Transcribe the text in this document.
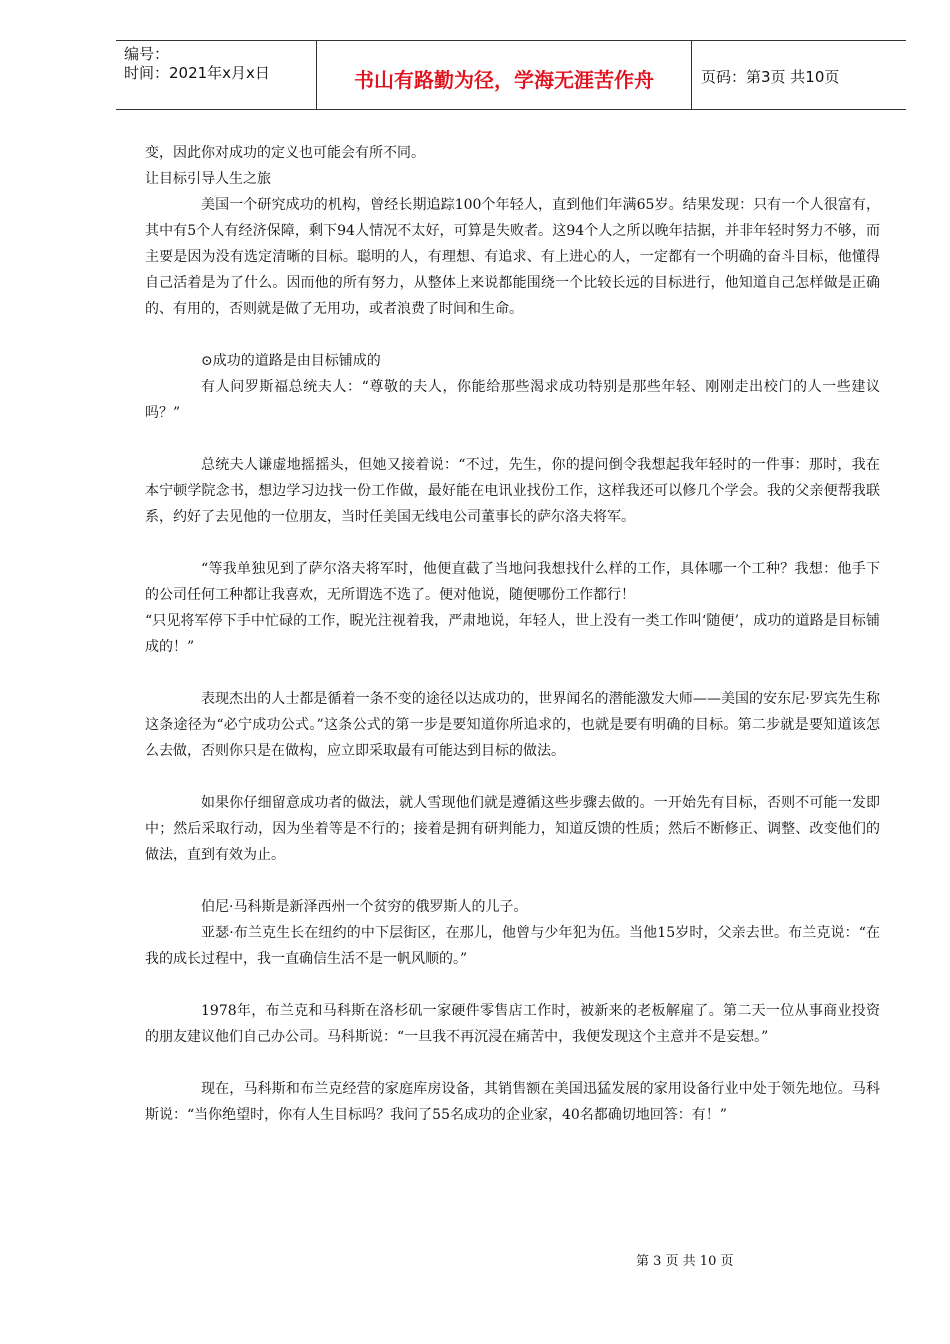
编号：
时间：2021年x月x日	书山有路勤为径，学海无涯苦作舟	页码：第3页 共10页

变，因此你对成功的定义也可能会有所不同。

让目标引导人生之旅

美国一个研究成功的机构，曾经长期追踪100个年轻人，直到他们年满65岁。结果发现：只有一个人很富有，其中有5个人有经济保障，剩下94人情况不太好，可算是失败者。这94个人之所以晚年拮据，并非年轻时努力不够，而主要是因为没有选定清晰的目标。聪明的人，有理想、有追求、有上进心的人，一定都有一个明确的奋斗目标，他懂得自己活着是为了什么。因而他的所有努力，从整体上来说都能围绕一个比较长远的目标进行，他知道自己怎样做是正确的、有用的，否则就是做了无用功，或者浪费了时间和生命。

⊙成功的道路是由目标铺成的

有人问罗斯福总统夫人：“尊敬的夫人，你能给那些渴求成功特别是那些年轻、刚刚走出校门的人一些建议吗？”

总统夫人谦虚地摇摇头，但她又接着说：“不过，先生，你的提问倒令我想起我年轻时的一件事：那时，我在本宁顿学院念书，想边学习边找一份工作做，最好能在电讯业找份工作，这样我还可以修几个学会。我的父亲便帮我联系，约好了去见他的一位朋友，当时任美国无线电公司董事长的萨尔洛夫将军。

“等我单独见到了萨尔洛夫将军时，他便直截了当地问我想找什么样的工作，具体哪一个工种？我想：他手下的公司任何工种都让我喜欢，无所谓选不选了。便对他说，随便哪份工作都行！

“只见将军停下手中忙碌的工作，睨光注视着我，严肃地说，年轻人，世上没有一类工作叫‘随便’，成功的道路是目标铺成的！”

表现杰出的人士都是循着一条不变的途径以达成功的，世界闻名的潜能激发大师——美国的安东尼·罗宾先生称这条途径为“必宁成功公式。”这条公式的第一步是要知道你所追求的，也就是要有明确的目标。第二步就是要知道该怎么去做，否则你只是在做构，应立即采取最有可能达到目标的做法。

如果你仔细留意成功者的做法，就人雪现他们就是遵循这些步骤去做的。一开始先有目标，否则不可能一发即中；然后采取行动，因为坐着等是不行的；接着是拥有研判能力，知道反馈的性质；然后不断修正、调整、改变他们的做法，直到有效为止。

伯尼·马科斯是新泽西州一个贫穷的俄罗斯人的儿子。

亚瑟·布兰克生长在纽约的中下层街区，在那儿，他曾与少年犯为伍。当他15岁时，父亲去世。布兰克说：“在我的成长过程中，我一直确信生活不是一帆风顺的。”

1978年，布兰克和马科斯在洛杉矶一家硬件零售店工作时，被新来的老板解雇了。第二天一位从事商业投资的朋友建议他们自己办公司。马科斯说：“一旦我不再沉浸在痛苦中，我便发现这个主意并不是妄想。”

现在，马科斯和布兰克经营的家庭库房设备，其销售额在美国迅猛发展的家用设备行业中处于领先地位。马科斯说：“当你绝望时，你有人生目标吗？我问了55名成功的企业家，40名都确切地回答：有！”

第 3 页 共 10 页
